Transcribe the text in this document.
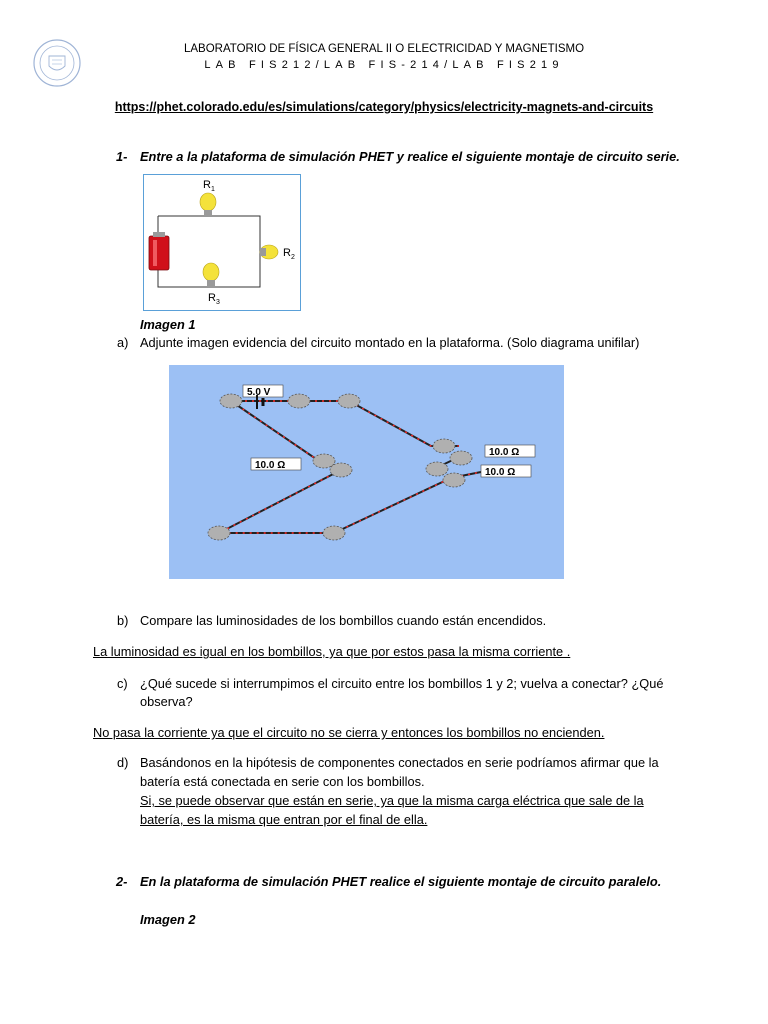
LABORATORIO DE FÍSICA GENERAL II O ELECTRICIDAD Y MAGNETISMO
LAB FIS212/LAB FIS-214/LAB FIS219
https://phet.colorado.edu/es/simulations/category/physics/electricity-magnets-and-circuits
1- Entre a la plataforma de simulación PHET y realice el siguiente montaje de circuito serie.
$R_1$
$R_2$
$R_3$
Imagen 1
a) Adjunte imagen evidencia del circuito montado en la plataforma. (Solo diagrama unifilar)
5.0 V
10.0 Ω
10.0 Ω
10.0 Ω
b) Compare las luminosidades de los bombillos cuando están encendidos.
La luminosidad es igual en los bombillos, ya que por estos pasa la misma corriente .
c) ¿Qué sucede si interrumpimos el circuito entre los bombillos 1 y 2; vuelva a conectar? ¿Qué
observa?
No pasa la corriente ya que el circuito no se cierra y entonces los bombillos no encienden.
d) Basándonos en la hipótesis de componentes conectados en serie podríamos afirmar que la
batería está conectada en serie con los bombillos.
Si, se puede observar que están en serie, ya que la misma carga eléctrica que sale de la
batería, es la misma que entran por el final de ella.
2- En la plataforma de simulación PHET realice el siguiente montaje de circuito paralelo.
Imagen 2
